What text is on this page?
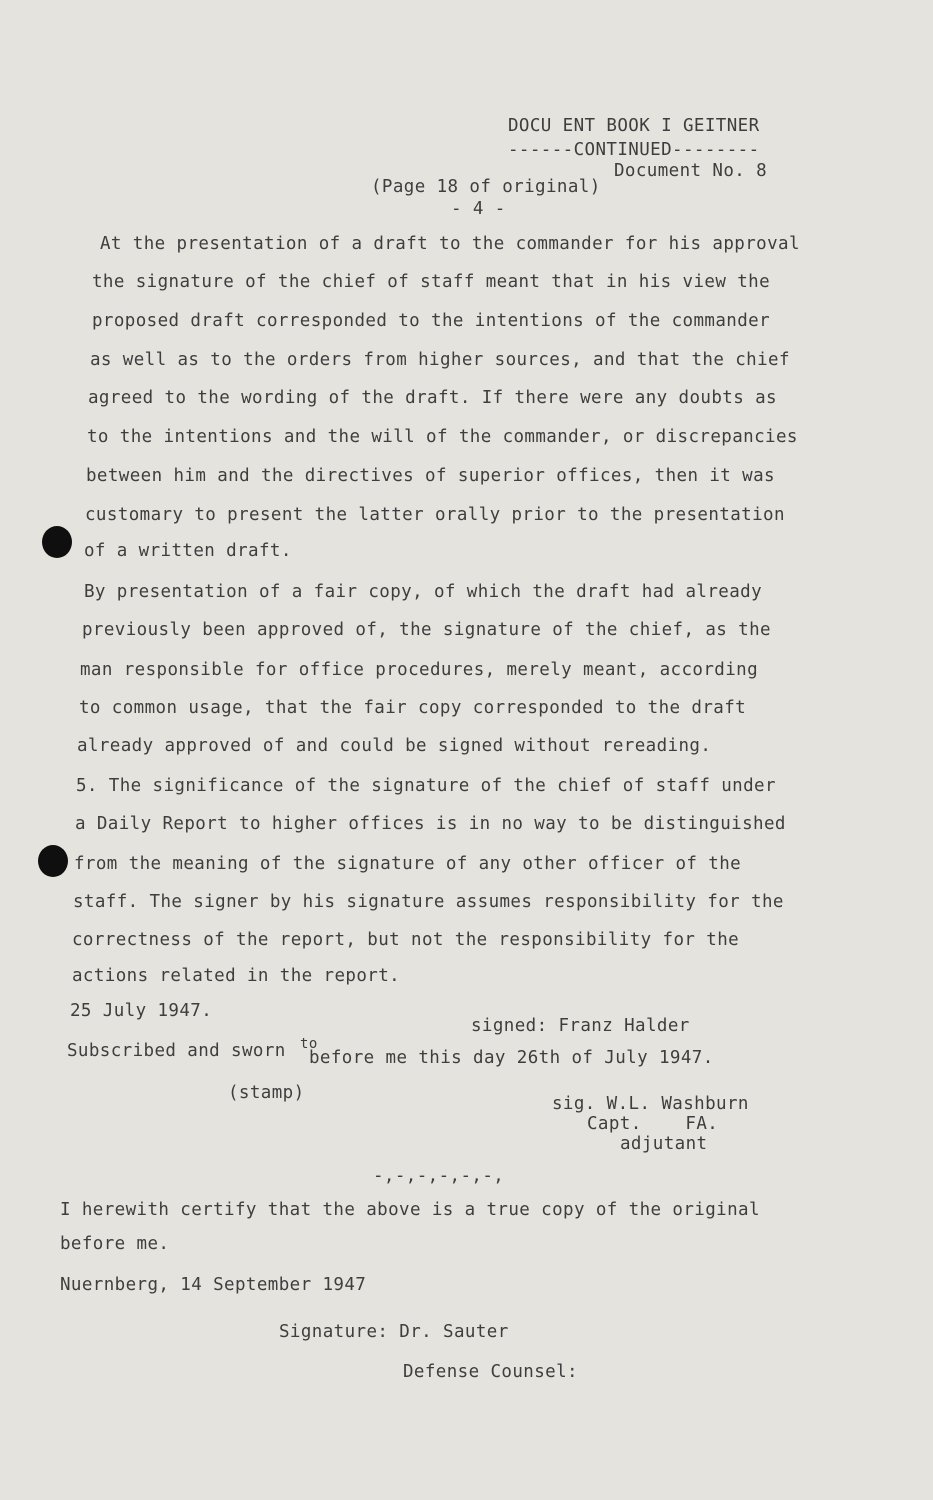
DOCU ENT BOOK I GEITNER
------CONTINUED--------
Document No. 8
(Page 18 of original)
- 4 -
At the presentation of a draft to the commander for his approval
the signature of the chief of staff meant that in his view the
proposed draft corresponded to the intentions of the commander
as well as to the orders from higher sources, and that the chief
agreed to the wording of the draft. If there were any doubts as
to the intentions and the will of the commander, or discrepancies
between him and the directives of superior offices, then it was
customary to present the latter orally prior to the presentation
of a written draft.
By presentation of a fair copy, of which the draft had already
previously been approved of, the signature of the chief, as the
man responsible for office procedures, merely meant, according
to common usage, that the fair copy corresponded to the draft
already approved of and could be signed without rereading.
5. The significance of the signature of the chief of staff under
a Daily Report to higher offices is in no way to be distinguished
from the meaning of the signature of any other officer of the
staff. The signer by his signature assumes responsibility for the
correctness of the report, but not the responsibility for the
actions related in the report.
25 July 1947.
signed: Franz Halder
Subscribed and sworn to
before me this day 26th of July 1947.
(stamp)
sig. W.L. Washburn
Capt.    FA.
adjutant
-,-,-,-,-,-,
I herewith certify that the above is a true copy of the original
before me.
Nuernberg, 14 September 1947
Signature: Dr. Sauter
Defense Counsel:
